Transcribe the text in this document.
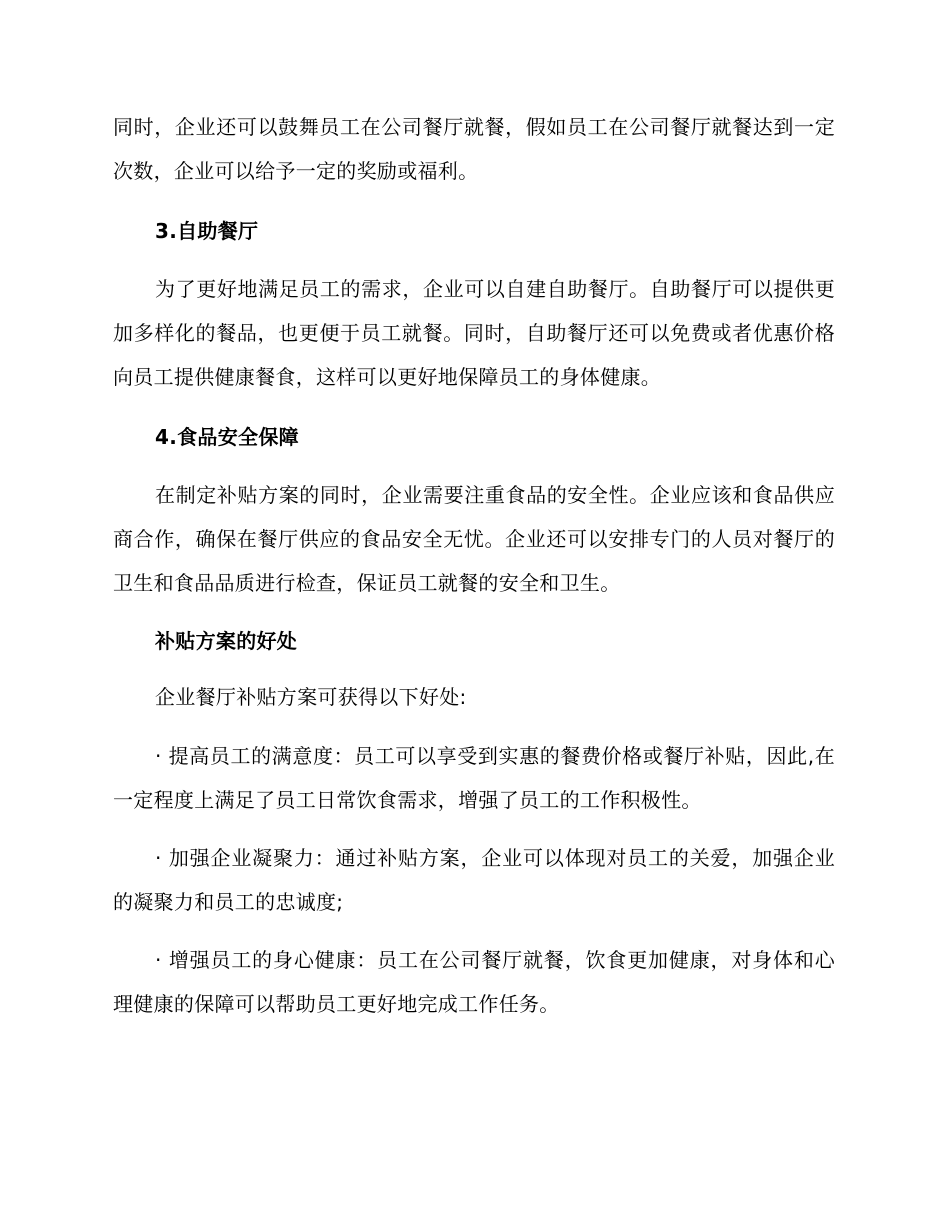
同时，企业还可以鼓舞员工在公司餐厅就餐，假如员工在公司餐厅就餐达到一定次数，企业可以给予一定的奖励或福利。

3.自助餐厅

为了更好地满足员工的需求，企业可以自建自助餐厅。自助餐厅可以提供更加多样化的餐品，也更便于员工就餐。同时，自助餐厅还可以免费或者优惠价格向员工提供健康餐食，这样可以更好地保障员工的身体健康。

4.食品安全保障

在制定补贴方案的同时，企业需要注重食品的安全性。企业应该和食品供应商合作，确保在餐厅供应的食品安全无忧。企业还可以安排专门的人员对餐厅的卫生和食品品质进行检查，保证员工就餐的安全和卫生。

补贴方案的好处

企业餐厅补贴方案可获得以下好处:

· 提高员工的满意度：员工可以享受到实惠的餐费价格或餐厅补贴，因此,在一定程度上满足了员工日常饮食需求，增强了员工的工作积极性。

· 加强企业凝聚力：通过补贴方案，企业可以体现对员工的关爱，加强企业的凝聚力和员工的忠诚度;

· 增强员工的身心健康：员工在公司餐厅就餐，饮食更加健康，对身体和心理健康的保障可以帮助员工更好地完成工作任务。
